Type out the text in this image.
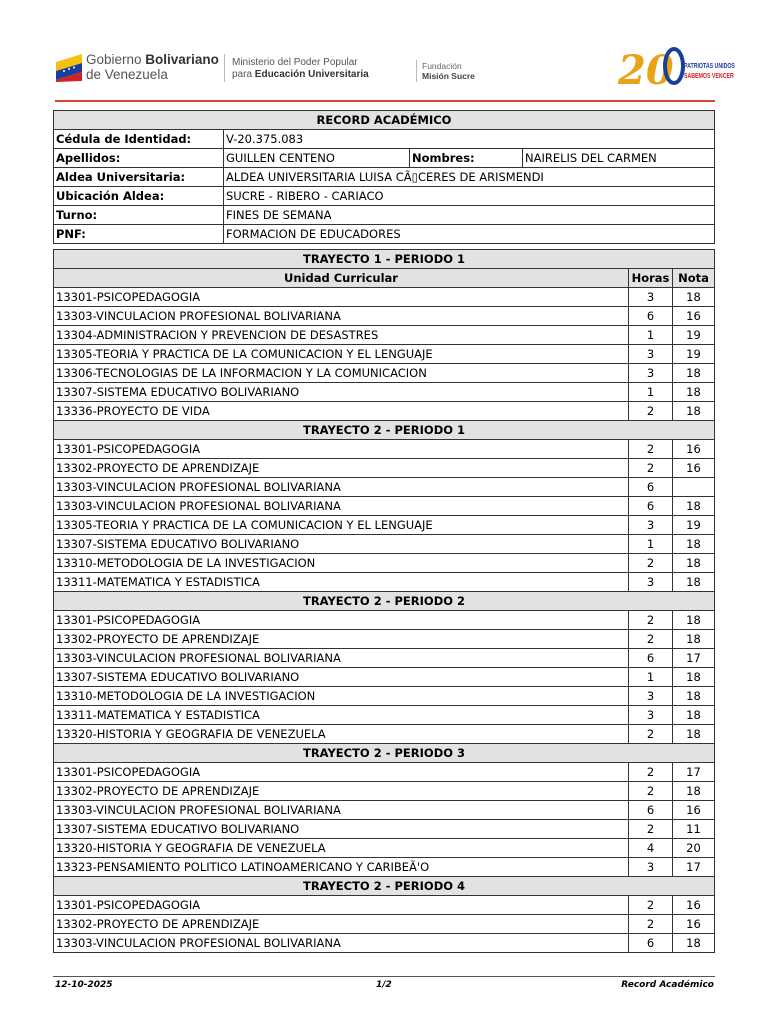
Gobierno Bolivariano
de Venezuela
Ministerio del Poder Popular
para Educación Universitaria
Fundación
Misión Sucre	20 PATRIOTAS UNIDOS
SABEMOS VENCER
RECORD ACADÉMICO			
Cédula de Identidad:	V-20.375.083		
Apellidos:	GUILLEN CENTENO	Nombres:	NAIRELIS DEL CARMEN
Aldea Universitaria:	ALDEA UNIVERSITARIA LUISA CÃ▯CERES DE ARISMENDI		
Ubicación Aldea:	SUCRE - RIBERO - CARIACO		
Turno:	FINES DE SEMANA		
PNF:	FORMACION DE EDUCADORES		
TRAYECTO 1 - PERIODO 1		
Unidad Curricular	Horas	Nota
13301-PSICOPEDAGOGIA	3	18
13303-VINCULACION PROFESIONAL BOLIVARIANA	6	16
13304-ADMINISTRACION Y PREVENCION DE DESASTRES	1	19
13305-TEORIA Y PRACTICA DE LA COMUNICACION Y EL LENGUAJE	3	19
13306-TECNOLOGIAS DE LA INFORMACION Y LA COMUNICACION	3	18
13307-SISTEMA EDUCATIVO BOLIVARIANO	1	18
13336-PROYECTO DE VIDA	2	18
TRAYECTO 2 - PERIODO 1		
13301-PSICOPEDAGOGIA	2	16
13302-PROYECTO DE APRENDIZAJE	2	16
13303-VINCULACION PROFESIONAL BOLIVARIANA	6	
13303-VINCULACION PROFESIONAL BOLIVARIANA	6	18
13305-TEORIA Y PRACTICA DE LA COMUNICACION Y EL LENGUAJE	3	19
13307-SISTEMA EDUCATIVO BOLIVARIANO	1	18
13310-METODOLOGIA DE LA INVESTIGACION	2	18
13311-MATEMATICA Y ESTADISTICA	3	18
TRAYECTO 2 - PERIODO 2		
13301-PSICOPEDAGOGIA	2	18
13302-PROYECTO DE APRENDIZAJE	2	18
13303-VINCULACION PROFESIONAL BOLIVARIANA	6	17
13307-SISTEMA EDUCATIVO BOLIVARIANO	1	18
13310-METODOLOGIA DE LA INVESTIGACION	3	18
13311-MATEMATICA Y ESTADISTICA	3	18
13320-HISTORIA Y GEOGRAFIA DE VENEZUELA	2	18
TRAYECTO 2 - PERIODO 3		
13301-PSICOPEDAGOGIA	2	17
13302-PROYECTO DE APRENDIZAJE	2	18
13303-VINCULACION PROFESIONAL BOLIVARIANA	6	16
13307-SISTEMA EDUCATIVO BOLIVARIANO	2	11
13320-HISTORIA Y GEOGRAFIA DE VENEZUELA	4	20
13323-PENSAMIENTO POLITICO LATINOAMERICANO Y CARIBEÃ'O	3	17
TRAYECTO 2 - PERIODO 4		
13301-PSICOPEDAGOGIA	2	16
13302-PROYECTO DE APRENDIZAJE	2	16
13303-VINCULACION PROFESIONAL BOLIVARIANA	6	18
12-10-2025	1/2	Record Académico
